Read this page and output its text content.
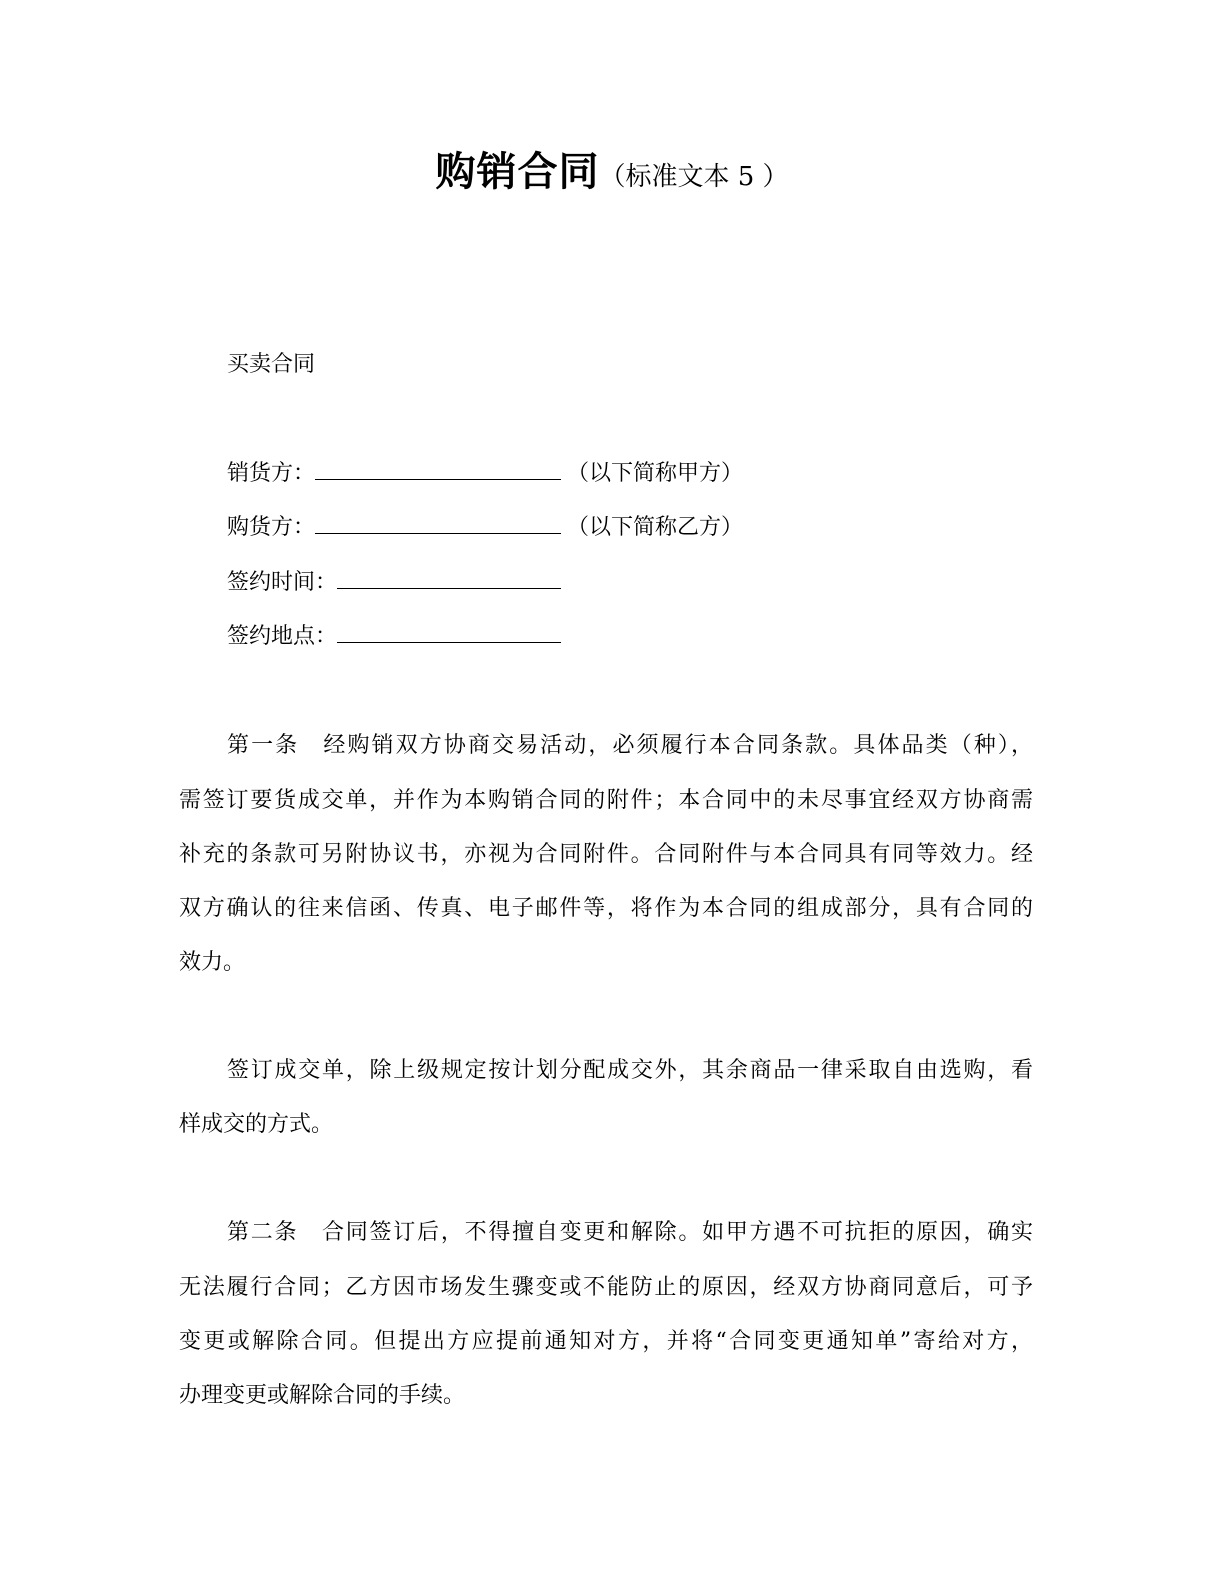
购销合同（标准文本 5 ）
买卖合同
销货方：	（以下简称甲方）
购货方：	（以下简称乙方）
签约时间：
签约地点：
第一条　经购销双方协商交易活动，必须履行本合同条款。具体品类（种），
需签订要货成交单，并作为本购销合同的附件；本合同中的未尽事宜经双方协商需
补充的条款可另附协议书，亦视为合同附件。合同附件与本合同具有同等效力。经
双方确认的往来信函、传真、电子邮件等，将作为本合同的组成部分，具有合同的
效力。
签订成交单，除上级规定按计划分配成交外，其余商品一律采取自由选购，看
样成交的方式。
第二条　合同签订后，不得擅自变更和解除。如甲方遇不可抗拒的原因，确实
无法履行合同；乙方因市场发生骤变或不能防止的原因，经双方协商同意后，可予
变更或解除合同。但提出方应提前通知对方，并将“合同变更通知单”寄给对方，
办理变更或解除合同的手续。
